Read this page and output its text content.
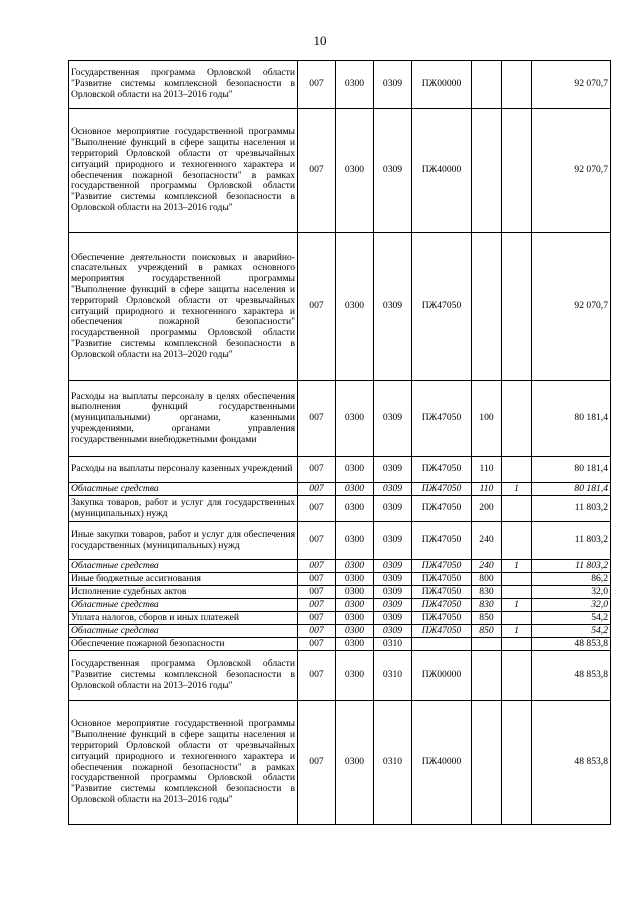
10
Государственная программа Орловской области "Развитие системы комплексной безопасности в Орловской области на 2013–2016 годы"	007	0300	0309	ПЖ00000			92 070,7
Основное мероприятие государственной программы "Выполнение функций в сфере защиты населения и территорий Орловской области от чрезвычайных ситуаций природного и техногенного характера и обеспечения пожарной безопасности" в рамках государственной программы Орловской области "Развитие системы комплексной безопасности в Орловской области на 2013–2016 годы"	007	0300	0309	ПЖ40000			92 070,7
Обеспечение деятельности поисковых и аварийно-спасательных учреждений в рамках основного мероприятия государственной программы "Выполнение функций в сфере защиты населения и территорий Орловской области от чрезвычайных ситуаций природного и техногенного характера и обеспечения пожарной безопасности" государственной программы Орловской области "Развитие системы комплексной безопасности в Орловской области на 2013–2020 годы"	007	0300	0309	ПЖ47050			92 070,7
Расходы на выплаты персоналу в целях обеспечения выполнения функций государственными (муниципальными) органами, казенными учреждениями, органами управления государственными внебюджетными фондами	007	0300	0309	ПЖ47050	100		80 181,4
Расходы на выплаты персоналу казенных учреждений	007	0300	0309	ПЖ47050	110		80 181,4
Областные средства	007	0300	0309	ПЖ47050	110	1	80 181,4
Закупка товаров, работ и услуг для государственных (муниципальных) нужд	007	0300	0309	ПЖ47050	200		11 803,2
Иные закупки товаров, работ и услуг для обеспечения государственных (муниципальных) нужд	007	0300	0309	ПЖ47050	240		11 803,2
Областные средства	007	0300	0309	ПЖ47050	240	1	11 803,2
Иные бюджетные ассигнования	007	0300	0309	ПЖ47050	800		86,2
Исполнение судебных актов	007	0300	0309	ПЖ47050	830		32,0
Областные средства	007	0300	0309	ПЖ47050	830	1	32,0
Уплата налогов, сборов и иных платежей	007	0300	0309	ПЖ47050	850		54,2
Областные средства	007	0300	0309	ПЖ47050	850	1	54,2
Обеспечение пожарной безопасности	007	0300	0310				48 853,8
Государственная программа Орловской области "Развитие системы комплексной безопасности в Орловской области на 2013–2016 годы"	007	0300	0310	ПЖ00000			48 853,8
Основное мероприятие государственной программы "Выполнение функций в сфере защиты населения и территорий Орловской области от чрезвычайных ситуаций природного и техногенного характера и обеспечения пожарной безопасности" в рамках государственной программы Орловской области "Развитие системы комплексной безопасности в Орловской области на 2013–2016 годы"	007	0300	0310	ПЖ40000			48 853,8
